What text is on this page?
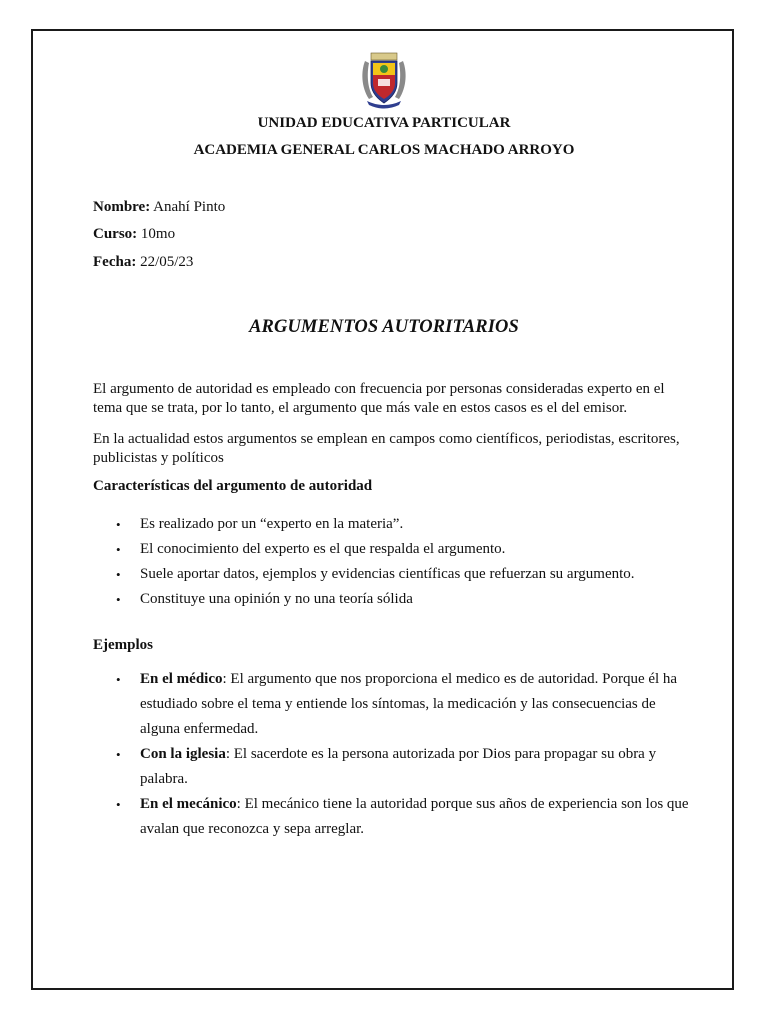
UNIDAD EDUCATIVA PARTICULAR
ACADEMIA GENERAL CARLOS MACHADO ARROYO
Nombre: Anahí Pinto
Curso: 10mo
Fecha: 22/05/23
ARGUMENTOS AUTORITARIOS
El argumento de autoridad es empleado con frecuencia por personas consideradas experto en el tema que se trata, por lo tanto, el argumento que más vale en estos casos es el del emisor.
En la actualidad estos argumentos se emplean en campos como científicos, periodistas, escritores, publicistas y políticos
Características del argumento de autoridad
• Es realizado por un “experto en la materia”.
• El conocimiento del experto es el que respalda el argumento.
• Suele aportar datos, ejemplos y evidencias científicas que refuerzan su argumento.
• Constituye una opinión y no una teoría sólida
Ejemplos
• En el médico: El argumento que nos proporciona el medico es de autoridad. Porque él ha estudiado sobre el tema y entiende los síntomas, la medicación y las consecuencias de alguna enfermedad.
• Con la iglesia: El sacerdote es la persona autorizada por Dios para propagar su obra y palabra.
• En el mecánico: El mecánico tiene la autoridad porque sus años de experiencia son los que avalan que reconozca y sepa arreglar.
